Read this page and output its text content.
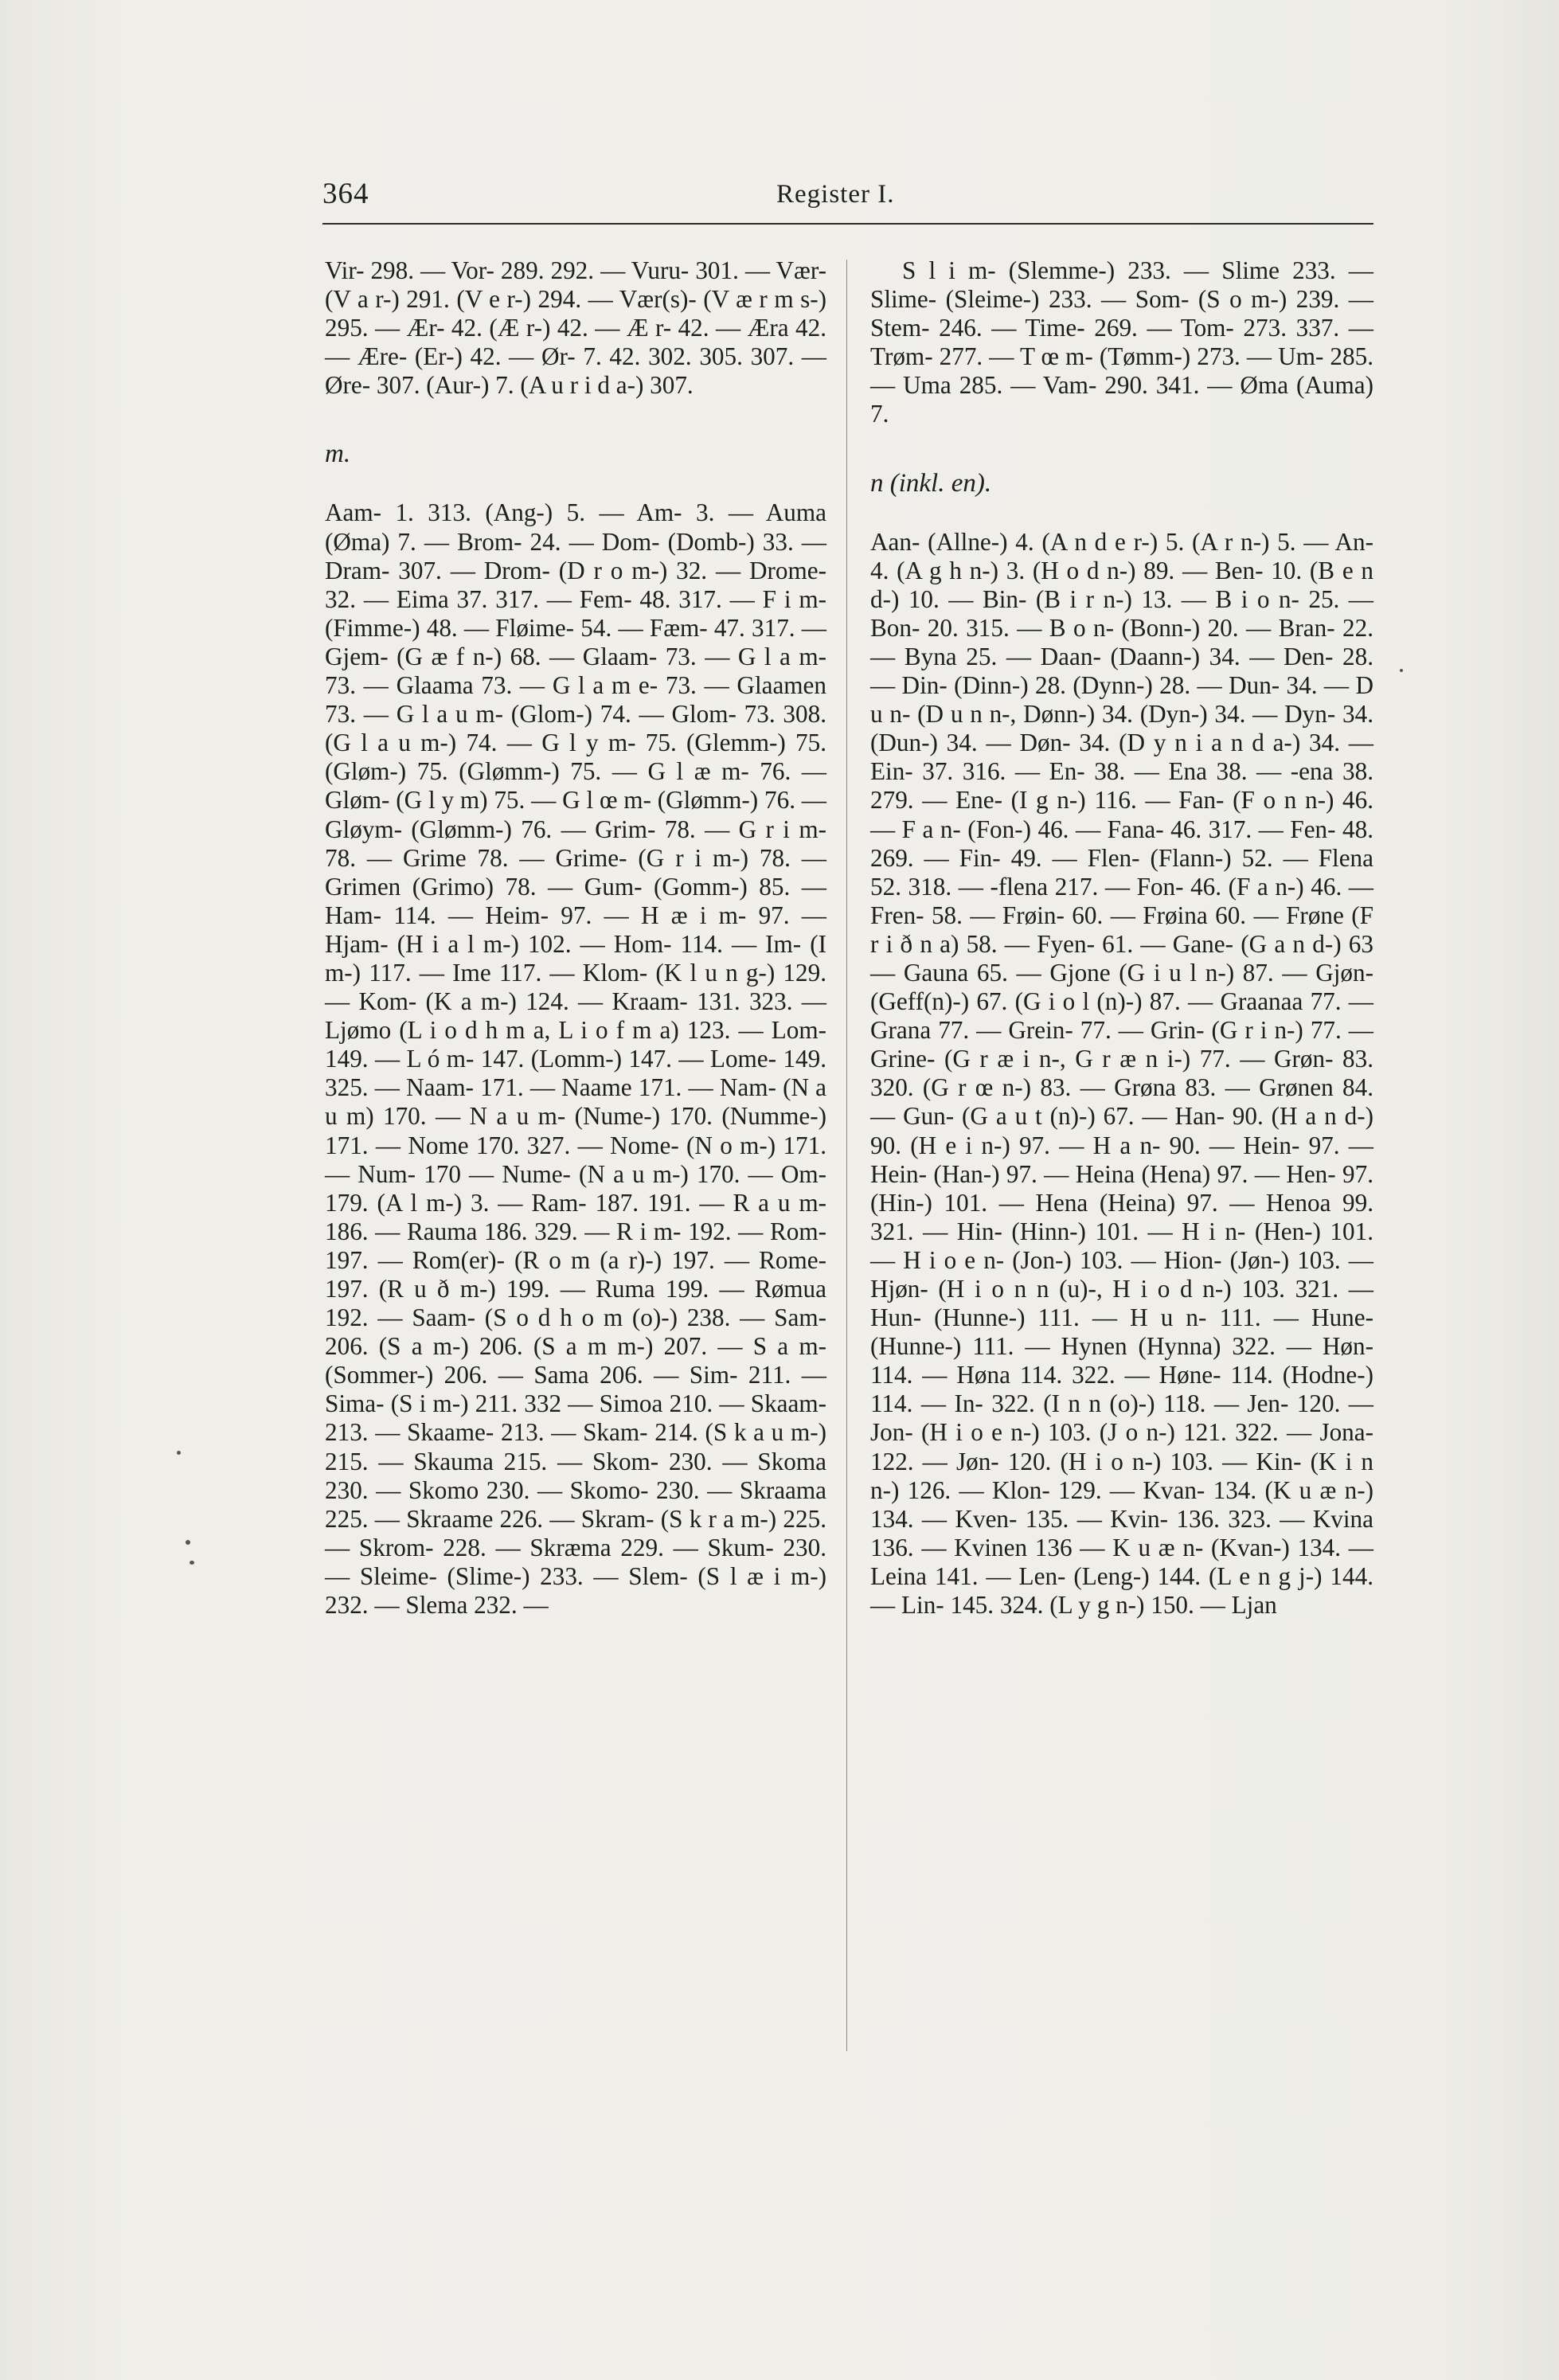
364	Register I.

Vir- 298. — Vor- 289. 292. — Vuru- 301. — Vær- (V a r-) 291. (V e r-) 294. — Vær(s)- (V æ r m s-) 295. — Ær- 42. (Æ r-) 42. — Æ r- 42. — Æra 42. — Ære- (Er-) 42. — Ør- 7. 42. 302. 305. 307. — Øre- 307. (Aur-) 7. (A u r i d a-) 307.

m.

Aam- 1. 313. (Ang-) 5. — Am- 3. — Auma (Øma) 7. — Brom- 24. — Dom- (Domb-) 33. — Dram- 307. — Drom- (D r o m-) 32. — Drome- 32. — Eima 37. 317. — Fem- 48. 317. — F i m- (Fimme-) 48. — Fløime- 54. — Fæm- 47. 317. — Gjem- (G æ f n-) 68. — Glaam- 73. — G l a m- 73. — Glaama 73. — G l a m e- 73. — Glaamen 73. — G l a u m- (Glom-) 74. — Glom- 73. 308. (G l a u m-) 74. — G l y m- 75. (Glemm-) 75. (Gløm-) 75. (Glømm-) 75. — G l æ m- 76. — Gløm- (G l y m) 75. — G l œ m- (Glømm-) 76. — Gløym- (Glømm-) 76. — Grim- 78. — G r i m- 78. — Grime 78. — Grime- (G r i m-) 78. — Grimen (Grimo) 78. — Gum- (Gomm-) 85. — Ham- 114. — Heim- 97. — H æ i m- 97. — Hjam- (H i a l m-) 102. — Hom- 114. — Im- (I m-) 117. — Ime 117. — Klom- (K l u n g-) 129. — Kom- (K a m-) 124. — Kraam- 131. 323. — Ljømo (L i o d h m a, L i o f m a) 123. — Lom- 149. — L ó m- 147. (Lomm-) 147. — Lome- 149. 325. — Naam- 171. — Naame 171. — Nam- (N a u m) 170. — N a u m- (Nume-) 170. (Numme-) 171. — Nome 170. 327. — Nome- (N o m-) 171. — Num- 170 — Nume- (N a u m-) 170. — Om- 179. (A l m-) 3. — Ram- 187. 191. — R a u m- 186. — Rauma 186. 329. — R i m- 192. — Rom- 197. — Rom(er)- (R o m (a r)-) 197. — Rome- 197. (R u ð m-) 199. — Ruma 199. — Rømua 192. — Saam- (S o d h o m (o)-) 238. — Sam- 206. (S a m-) 206. (S a m m-) 207. — S a m- (Sommer-) 206. — Sama 206. — Sim- 211. — Sima- (S i m-) 211. 332 — Simoa 210. — Skaam- 213. — Skaame- 213. — Skam- 214. (S k a u m-) 215. — Skauma 215. — Skom- 230. — Skoma 230. — Skomo 230. — Skomo- 230. — Skraama 225. — Skraame 226. — Skram- (S k r a m-) 225. — Skrom- 228. — Skræma 229. — Skum- 230. — Sleime- (Slime-) 233. — Slem- (S l æ i m-) 232. — Slema 232. —

S l i m- (Slemme-) 233. — Slime 233. — Slime- (Sleime-) 233. — Som- (S o m-) 239. — Stem- 246. — Time- 269. — Tom- 273. 337. — Trøm- 277. — T œ m- (Tømm-) 273. — Um- 285. — Uma 285. — Vam- 290. 341. — Øma (Auma) 7.

n (inkl. en).

Aan- (Allne-) 4. (A n d e r-) 5. (A r n-) 5. — An- 4. (A g h n-) 3. (H o d n-) 89. — Ben- 10. (B e n d-) 10. — Bin- (B i r n-) 13. — B i o n- 25. — Bon- 20. 315. — B o n- (Bonn-) 20. — Bran- 22. — Byna 25. — Daan- (Daann-) 34. — Den- 28. — Din- (Dinn-) 28. (Dynn-) 28. — Dun- 34. — D u n- (D u n n-, Dønn-) 34. (Dyn-) 34. — Dyn- 34. (Dun-) 34. — Døn- 34. (D y n i a n d a-) 34. — Ein- 37. 316. — En- 38. — Ena 38. — -ena 38. 279. — Ene- (I g n-) 116. — Fan- (F o n n-) 46. — F a n- (Fon-) 46. — Fana- 46. 317. — Fen- 48. 269. — Fin- 49. — Flen- (Flann-) 52. — Flena 52. 318. — -flena 217. — Fon- 46. (F a n-) 46. — Fren- 58. — Frøin- 60. — Frøina 60. — Frøne (F r i ð n a) 58. — Fyen- 61. — Gane- (G a n d-) 63 — Gauna 65. — Gjone (G i u l n-) 87. — Gjøn- (Geff(n)-) 67. (G i o l (n)-) 87. — Graanaa 77. — Grana 77. — Grein- 77. — Grin- (G r i n-) 77. — Grine- (G r æ i n-, G r æ n i-) 77. — Grøn- 83. 320. (G r œ n-) 83. — Grøna 83. — Grønen 84. — Gun- (G a u t (n)-) 67. — Han- 90. (H a n d-) 90. (H e i n-) 97. — H a n- 90. — Hein- 97. — Hein- (Han-) 97. — Heina (Hena) 97. — Hen- 97. (Hin-) 101. — Hena (Heina) 97. — Henoa 99. 321. — Hin- (Hinn-) 101. — H i n- (Hen-) 101. — H i o e n- (Jon-) 103. — Hion- (Jøn-) 103. — Hjøn- (H i o n n (u)-, H i o d n-) 103. 321. — Hun- (Hunne-) 111. — H u n- 111. — Hune- (Hunne-) 111. — Hynen (Hynna) 322. — Høn- 114. — Høna 114. 322. — Høne- 114. (Hodne-) 114. — In- 322. (I n n (o)-) 118. — Jen- 120. — Jon- (H i o e n-) 103. (J o n-) 121. 322. — Jona- 122. — Jøn- 120. (H i o n-) 103. — Kin- (K i n n-) 126. — Klon- 129. — Kvan- 134. (K u æ n-) 134. — Kven- 135. — Kvin- 136. 323. — Kvina 136. — Kvinen 136 — K u æ n- (Kvan-) 134. — Leina 141. — Len- (Leng-) 144. (L e n g j-) 144. — Lin- 145. 324. (L y g n-) 150. — Ljan
